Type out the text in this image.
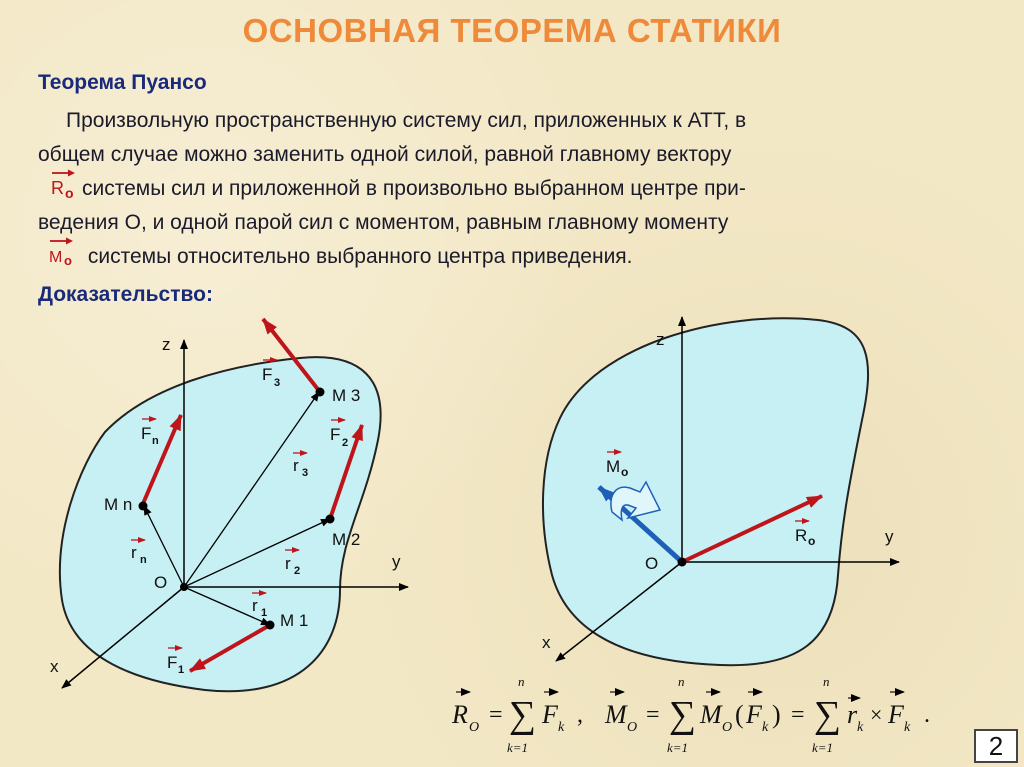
ОСНОВНАЯ ТЕОРЕМА СТАТИКИ
Теорема Пуансо
Произвольную пространственную систему сил, приложенных к АТТ, в
общем случае можно заменить одной силой, равной главному вектору
R o системы сил и приложенной в произвольно выбранном центре при-
ведения О, и одной парой сил с моментом, равным главному моменту
M o системы относительно выбранного центра приведения.
Доказательство:
z
y
x
O
M n
M 3
M 2
M 1
F n
F 3
F 2
F 1
r n
r 3
r 2
r 1
z
y
x
O
M o
R o
R O =
n
∑
k=1
F k , M O =
n
∑
k=1
M O ( F k ) =
n
∑
k=1
r k
× F k .
2
